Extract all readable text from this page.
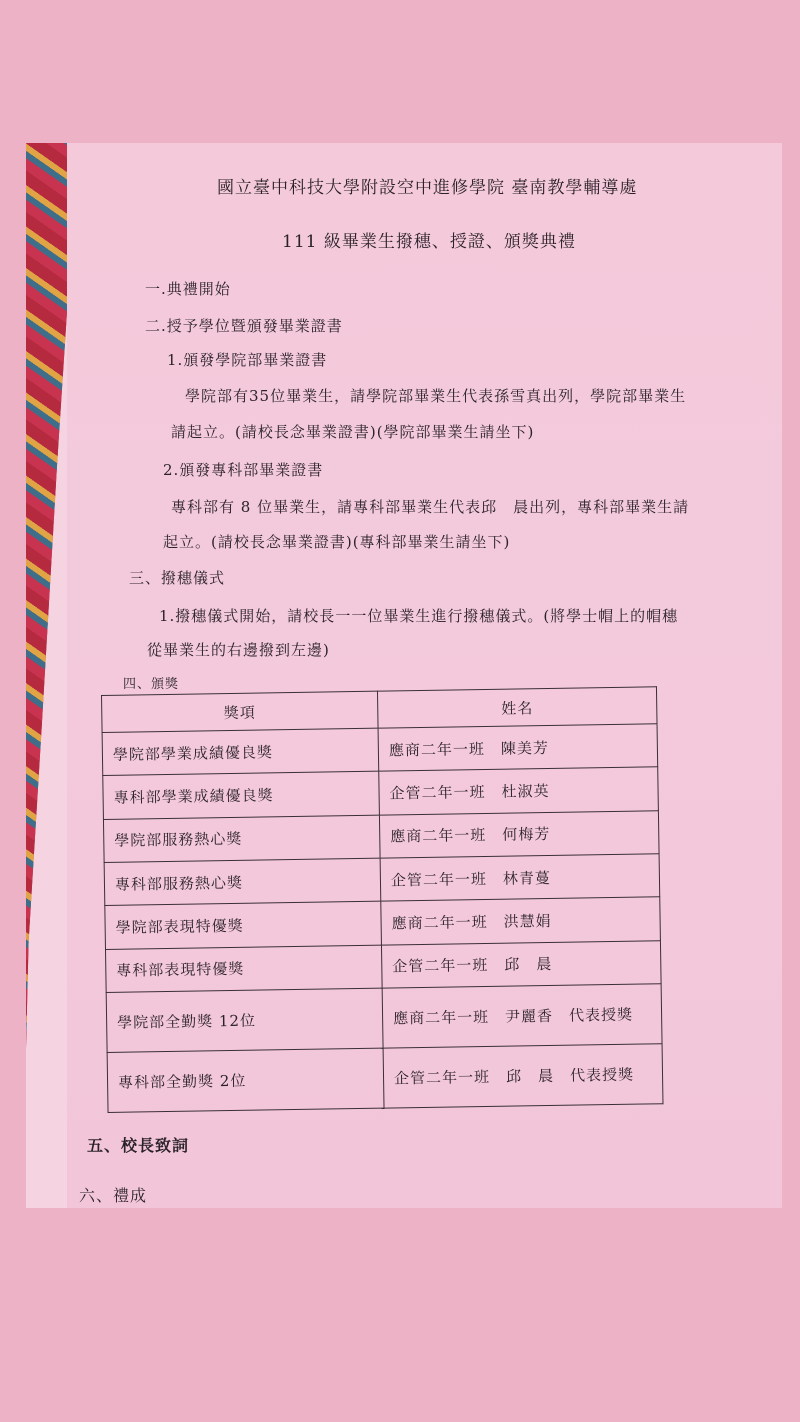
國立臺中科技大學附設空中進修學院 臺南教學輔導處
111 級畢業生撥穗、授證、頒獎典禮
一.典禮開始
二.授予學位暨頒發畢業證書
1.頒發學院部畢業證書
學院部有35位畢業生，請學院部畢業生代表孫雪真出列，學院部畢業生
請起立。(請校長念畢業證書)(學院部畢業生請坐下)
2.頒發專科部畢業證書
專科部有 8 位畢業生，請專科部畢業生代表邱　晨出列，專科部畢業生請
起立。(請校長念畢業證書)(專科部畢業生請坐下)
三、撥穗儀式
1.撥穗儀式開始，請校長一一位畢業生進行撥穗儀式。(將學士帽上的帽穗
從畢業生的右邊撥到左邊)
四、頒獎
獎項	姓名
學院部學業成績優良獎	應商二年一班　陳美芳
專科部學業成績優良獎	企管二年一班　杜淑英
學院部服務熱心獎	應商二年一班　何梅芳
專科部服務熱心獎	企管二年一班　林青蔓
學院部表現特優獎	應商二年一班　洪慧娟
專科部表現特優獎	企管二年一班　邱　晨
學院部全勤獎 12位	應商二年一班　尹麗香　代表授獎
專科部全勤獎 2位	企管二年一班　邱　晨　代表授獎
五、校長致詞
六、禮成
